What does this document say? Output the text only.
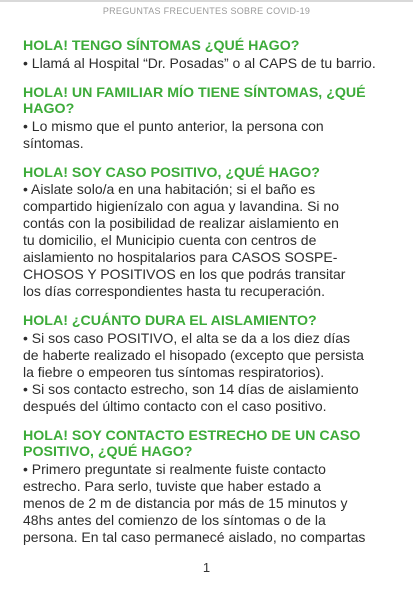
PREGUNTAS FRECUENTES SOBRE COVID-19
HOLA! TENGO SÍNTOMAS ¿QUÉ HAGO?
• Llamá al Hospital “Dr. Posadas” o al CAPS de tu barrio.
HOLA! UN FAMILIAR MÍO TIENE SÍNTOMAS, ¿QUÉ
HAGO?
• Lo mismo que el punto anterior, la persona con
síntomas.
HOLA! SOY CASO POSITIVO, ¿QUÉ HAGO?
• Aislate solo/a en una habitación; si el baño es
compartido higienízalo con agua y lavandina. Si no
contás con la posibilidad de realizar aislamiento en
tu domicilio, el Municipio cuenta con centros de
aislamiento no hospitalarios para CASOS SOSPE-
CHOSOS Y POSITIVOS en los que podrás transitar
los días correspondientes hasta tu recuperación.
HOLA! ¿CUÁNTO DURA EL AISLAMIENTO?
• Si sos caso POSITIVO, el alta se da a los diez días
de haberte realizado el hisopado (excepto que persista
la fiebre o empeoren tus síntomas respiratorios).
• Si sos contacto estrecho, son 14 días de aislamiento
después del último contacto con el caso positivo.
HOLA! SOY CONTACTO ESTRECHO DE UN CASO
POSITIVO, ¿QUÉ HAGO?
• Primero preguntate si realmente fuiste contacto
estrecho. Para serlo, tuviste que haber estado a
menos de 2 m de distancia por más de 15 minutos y
48hs antes del comienzo de los síntomas o de la
persona. En tal caso permanecé aislado, no compartas
1
